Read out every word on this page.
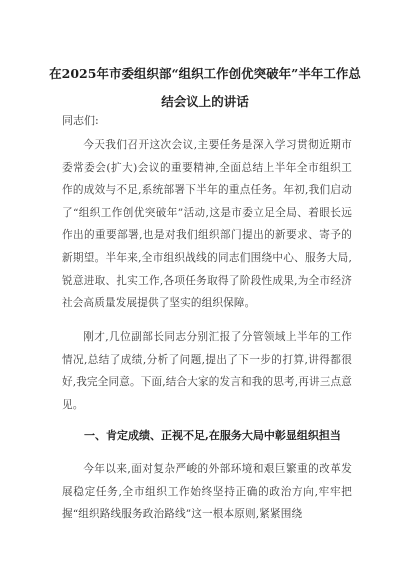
在2025年市委组织部“组织工作创优突破年”半年工作总

结会议上的讲话

同志们:

今天我们召开这次会议,主要任务是深入学习贯彻近期市委常委会(扩大)会议的重要精神,全面总结上半年全市组织工作的成效与不足,系统部署下半年的重点任务。年初,我们启动了“组织工作创优突破年”活动,这是市委立足全局、着眼长远作出的重要部署,也是对我们组织部门提出的新要求、寄予的新期望。半年来,全市组织战线的同志们围绕中心、服务大局,锐意进取、扎实工作,各项任务取得了阶段性成果,为全市经济社会高质量发展提供了坚实的组织保障。

刚才,几位副部长同志分别汇报了分管领域上半年的工作情况,总结了成绩,分析了问题,提出了下一步的打算,讲得都很好,我完全同意。下面,结合大家的发言和我的思考,再讲三点意见。

一、肯定成绩、正视不足,在服务大局中彰显组织担当

今年以来,面对复杂严峻的外部环境和艰巨繁重的改革发展稳定任务,全市组织工作始终坚持正确的政治方向,牢牢把握“组织路线服务政治路线”这一根本原则,紧紧围绕
